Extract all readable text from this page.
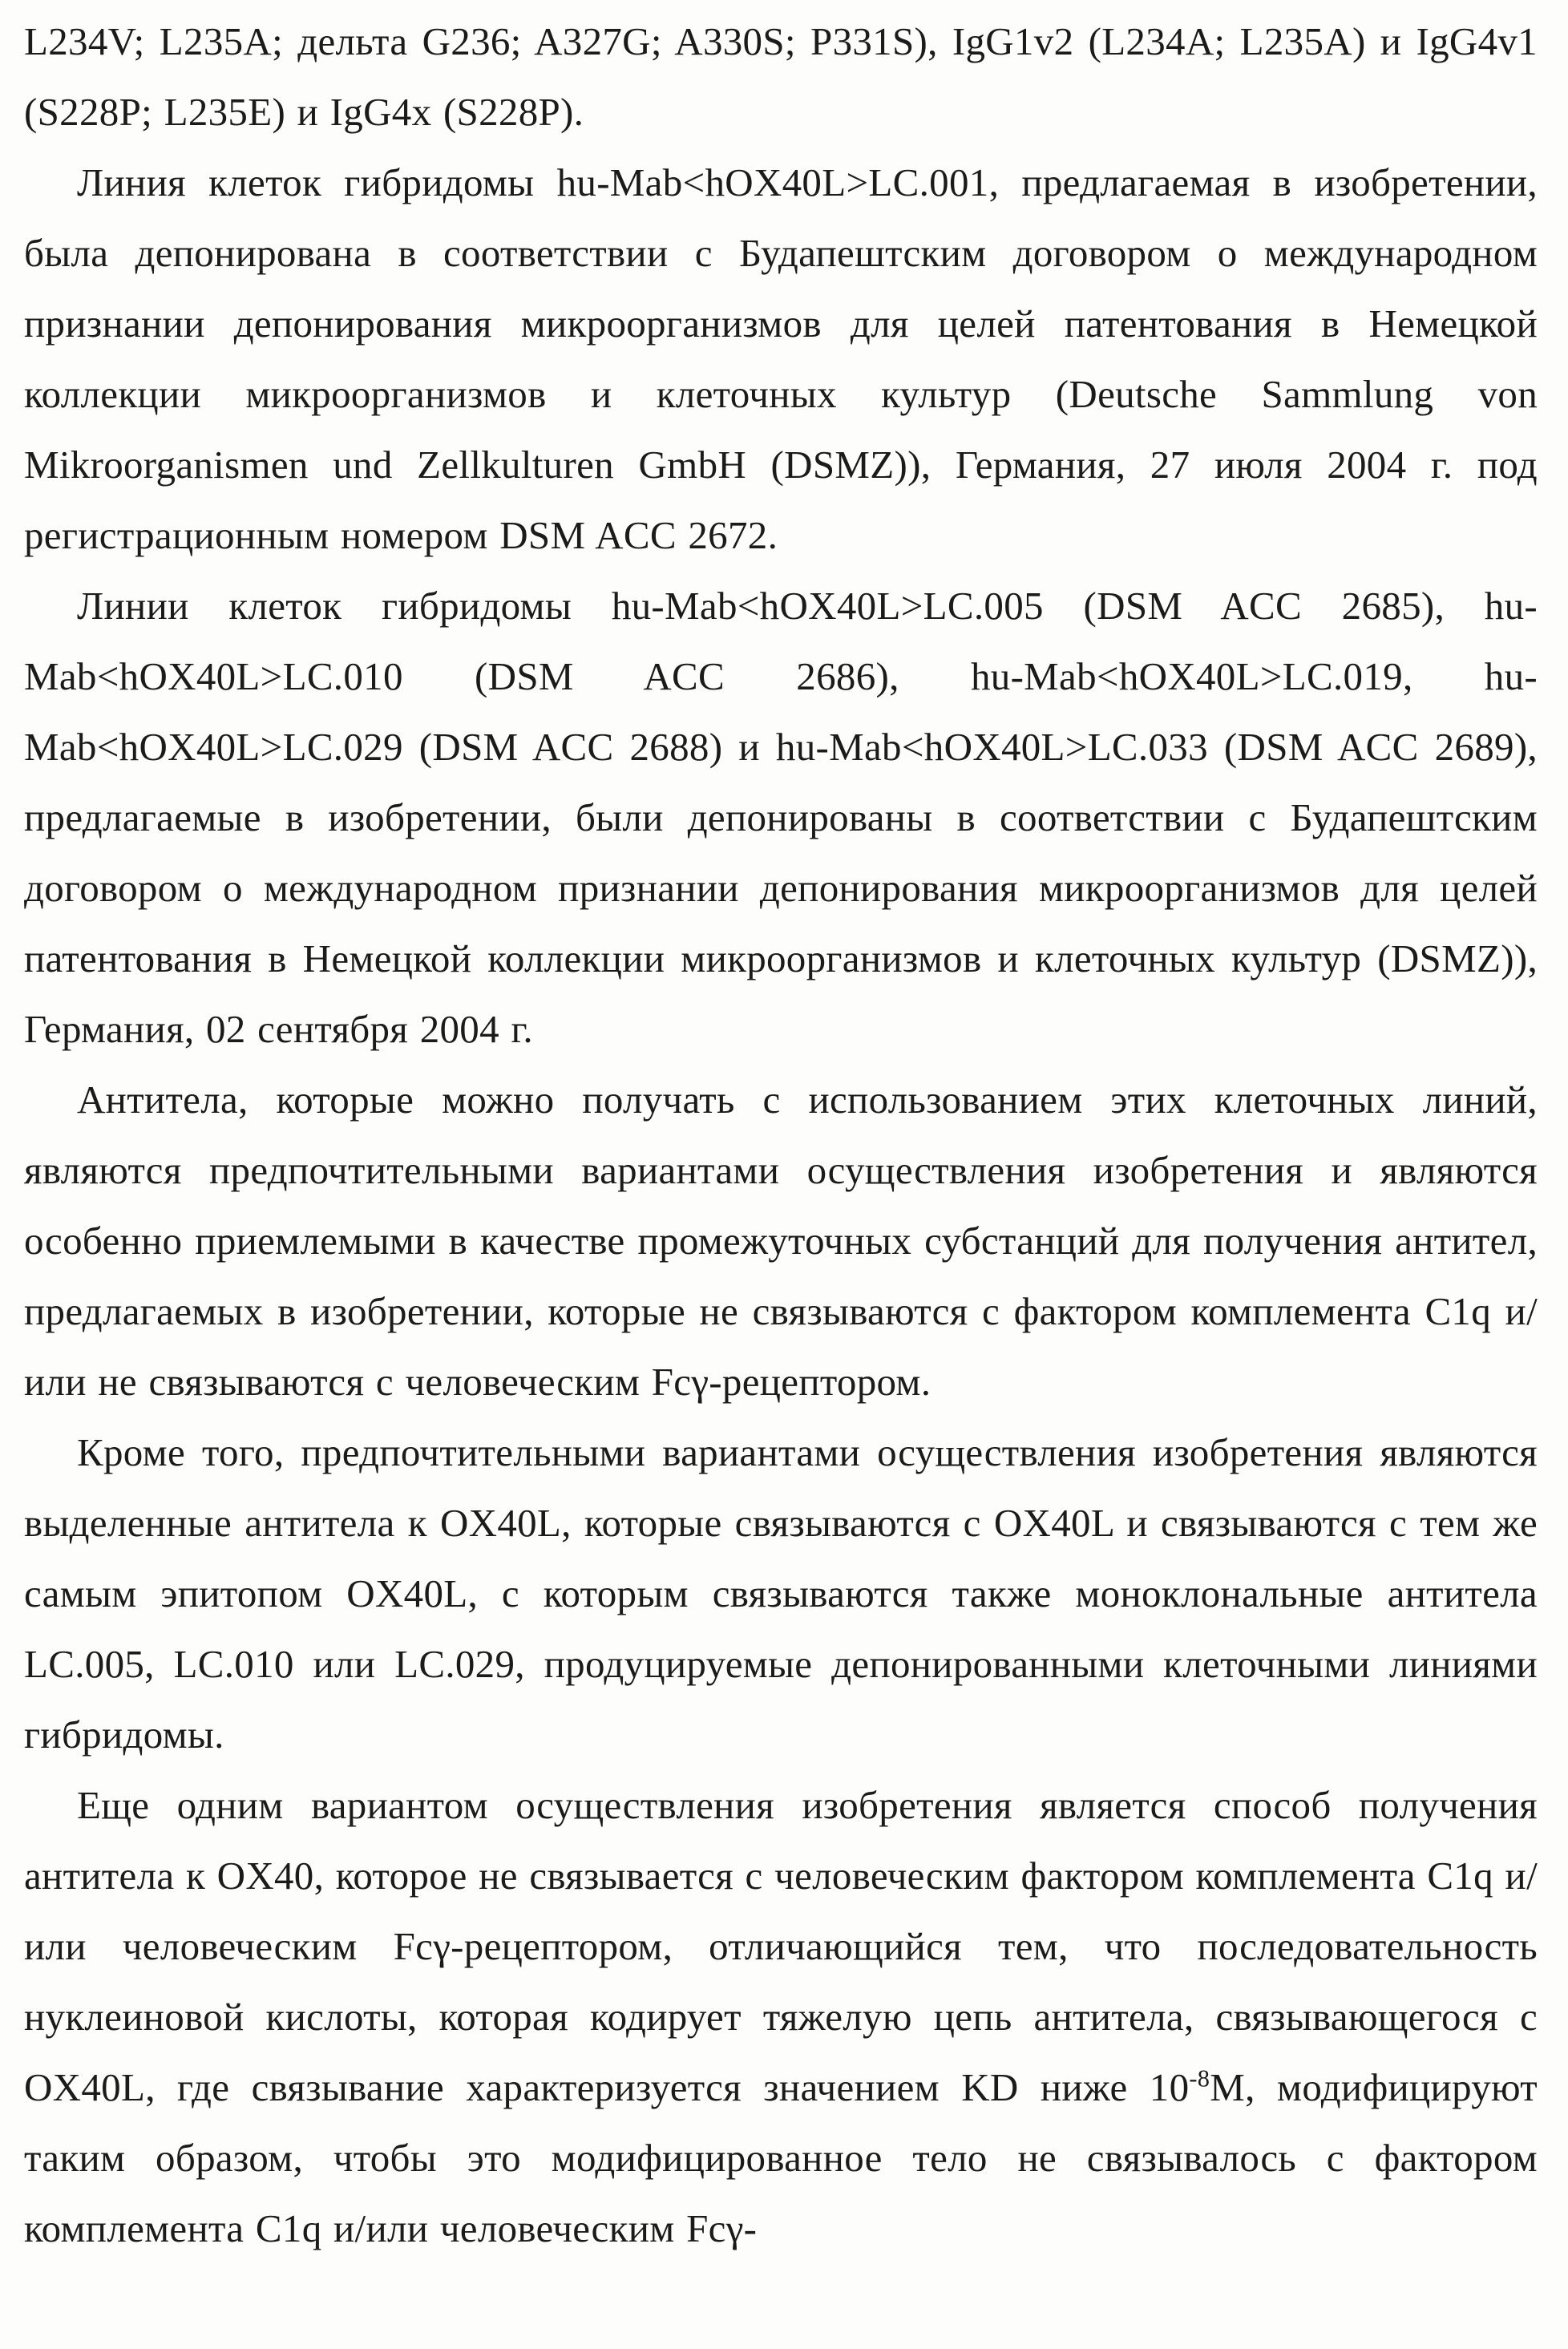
L234V; L235A; дельта G236; A327G; A330S; P331S), IgG1v2 (L234A; L235A) и IgG4v1 (S228P; L235E) и IgG4x (S228P).

Линия клеток гибридомы hu-Mab<hOX40L>LC.001, предлагаемая в изобретении, была депонирована в соответствии с Будапештским договором о международном признании депонирования микроорганизмов для целей патентования в Немецкой коллекции микроорганизмов и клеточных культур (Deutsche Sammlung von Mikroorganismen und Zellkulturen GmbH (DSMZ)), Германия, 27 июля 2004 г. под регистрационным номером DSM ACC 2672.

Линии клеток гибридомы hu-Mab<hOX40L>LC.005 (DSM ACC 2685), hu-Mab<hOX40L>LC.010 (DSM ACC 2686), hu-Mab<hOX40L>LC.019, hu-Mab<hOX40L>LC.029 (DSM ACC 2688) и hu-Mab<hOX40L>LC.033 (DSM ACC 2689), предлагаемые в изобретении, были депонированы в соответствии с Будапештским договором о международном признании депонирования микроорганизмов для целей патентования в Немецкой коллекции микроорганизмов и клеточных культур (DSMZ)), Германия, 02 сентября 2004 г.

Антитела, которые можно получать с использованием этих клеточных линий, являются предпочтительными вариантами осуществления изобретения и являются особенно приемлемыми в качестве промежуточных субстанций для получения антител, предлагаемых в изобретении, которые не связываются с фактором комплемента C1q и/или не связываются с человеческим Fcγ-рецептором.

Кроме того, предпочтительными вариантами осуществления изобретения являются выделенные антитела к OX40L, которые связываются с OX40L и связываются с тем же самым эпитопом OX40L, с которым связываются также моноклональные антитела LC.005, LC.010 или LC.029, продуцируемые депонированными клеточными линиями гибридомы.

Еще одним вариантом осуществления изобретения является способ получения антитела к OX40, которое не связывается с человеческим фактором комплемента C1q и/или человеческим Fcγ-рецептором, отличающийся тем, что последовательность нуклеиновой кислоты, которая кодирует тяжелую цепь антитела, связывающегося с OX40L, где связывание характеризуется значением KD ниже $10^{-8}М$, модифицируют таким образом, чтобы это модифицированное тело не связывалось с фактором комплемента C1q и/или человеческим Fcγ-
